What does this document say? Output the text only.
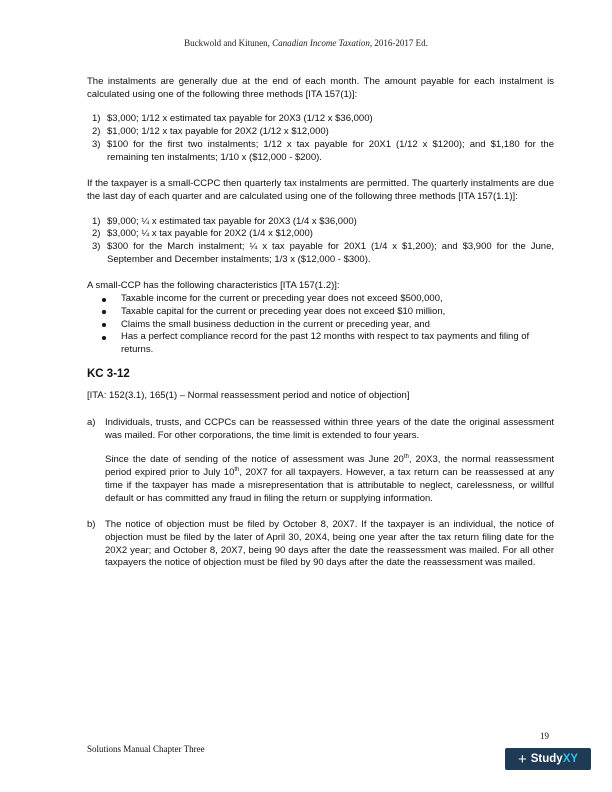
Buckwold and Kitunen, Canadian Income Taxation, 2016-2017 Ed.

The instalments are generally due at the end of each month. The amount payable for each instalment is calculated using one of the following three methods [ITA 157(1)]:

1) $3,000; 1/12 x estimated tax payable for 20X3 (1/12 x $36,000)
2) $1,000; 1/12 x tax payable for 20X2 (1/12 x $12,000)
3) $100 for the first two instalments; 1/12 x tax payable for 20X1 (1/12 x $1200); and $1,180 for the remaining ten instalments; 1/10 x ($12,000 - $200).

If the taxpayer is a small-CCPC then quarterly tax instalments are permitted. The quarterly instalments are due the last day of each quarter and are calculated using one of the following three methods [ITA 157(1.1)]:

1) $9,000; ¼ x estimated tax payable for 20X3 (1/4 x $36,000)
2) $3,000; ¼ x tax payable for 20X2 (1/4 x $12,000)
3) $300 for the March instalment; ¼ x tax payable for 20X1 (1/4 x $1,200); and $3,900 for the June, September and December instalments; 1/3 x ($12,000 - $300).

A small-CCP has the following characteristics [ITA 157(1.2)]:

Taxable income for the current or preceding year does not exceed $500,000,
Taxable capital for the current or preceding year does not exceed $10 million,
Claims the small business deduction in the current or preceding year, and
Has a perfect compliance record for the past 12 months with respect to tax payments and filing of returns.

KC 3-12

[ITA: 152(3.1), 165(1) – Normal reassessment period and notice of objection]

a) Individuals, trusts, and CCPCs can be reassessed within three years of the date the original assessment was mailed. For other corporations, the time limit is extended to four years.

Since the date of sending of the notice of assessment was June 20th, 20X3, the normal reassessment period expired prior to July 10th, 20X7 for all taxpayers. However, a tax return can be reassessed at any time if the taxpayer has made a misrepresentation that is attributable to neglect, carelessness, or willful default or has committed any fraud in filing the return or supplying information.

b) The notice of objection must be filed by October 8, 20X7. If the taxpayer is an individual, the notice of objection must be filed by the later of April 30, 20X4, being one year after the tax return filing date for the 20X2 year; and October 8, 20X7, being 90 days after the date the reassessment was mailed. For all other taxpayers the notice of objection must be filed by 90 days after the date the reassessment was mailed.

19
Solutions Manual Chapter Three
+ Study XY
